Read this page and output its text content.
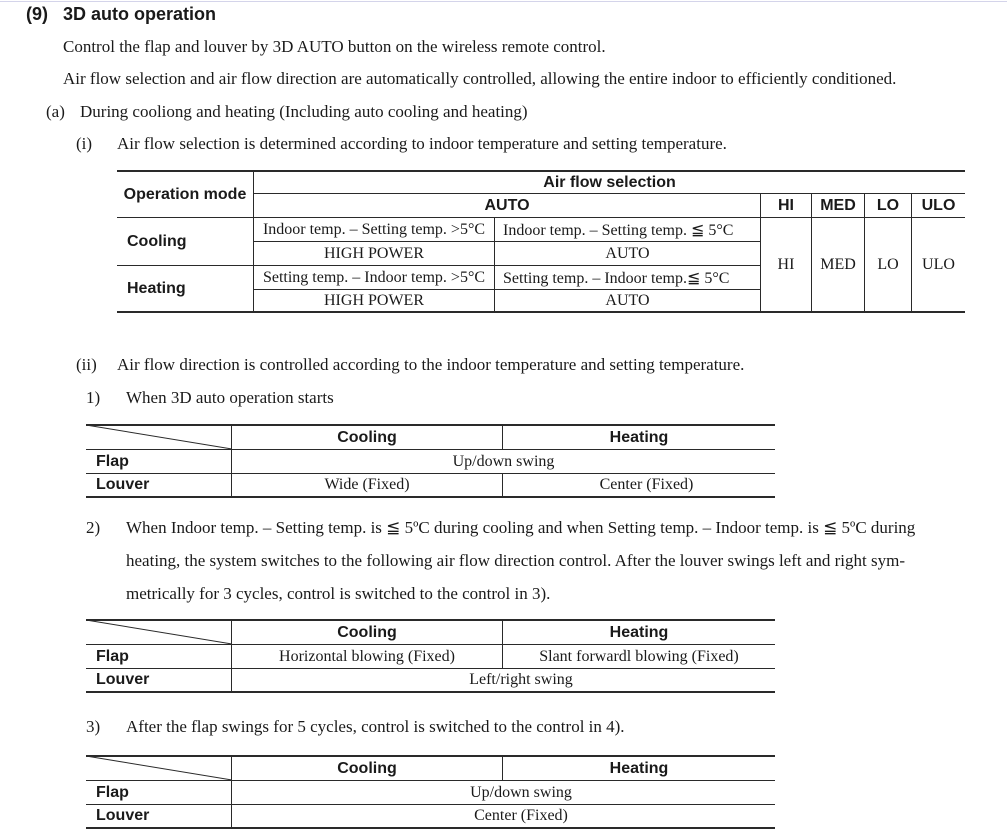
(9) 3D auto operation
Control the flap and louver by 3D AUTO button on the wireless remote control.
Air flow selection and air flow direction are automatically controlled, allowing the entire indoor to efficiently conditioned.
(a) During cooliong and heating (Including auto cooling and heating)
(i) Air flow selection is determined according to indoor temperature and setting temperature.
Operation mode
Air flow selection
AUTO	HI	MED	LO	ULO
Cooling
Indoor temp. – Setting temp. >5°C	Indoor temp. – Setting temp. ≦ 5°C
HIGH POWER	AUTO
Heating
Setting temp. – Indoor temp. >5°C	Setting temp. – Indoor temp.≦ 5°C
HIGH POWER	AUTO
HI	MED	LO	ULO
(ii) Air flow direction is controlled according to the indoor temperature and setting temperature.
1) When 3D auto operation starts
Cooling	Heating
Flap	Up/down swing
Louver	Wide (Fixed)	Center (Fixed)
2) When Indoor temp. – Setting temp. is ≦ 5ºC during cooling and when Setting temp. – Indoor temp. is ≦ 5ºC during
heating, the system switches to the following air flow direction control. After the louver swings left and right sym-
metrically for 3 cycles, control is switched to the control in 3).
Cooling	Heating
Flap	Horizontal blowing (Fixed)	Slant forwardl blowing (Fixed)
Louver	Left/right swing
3) After the flap swings for 5 cycles, control is switched to the control in 4).
Cooling	Heating
Flap	Up/down swing
Louver	Center (Fixed)
